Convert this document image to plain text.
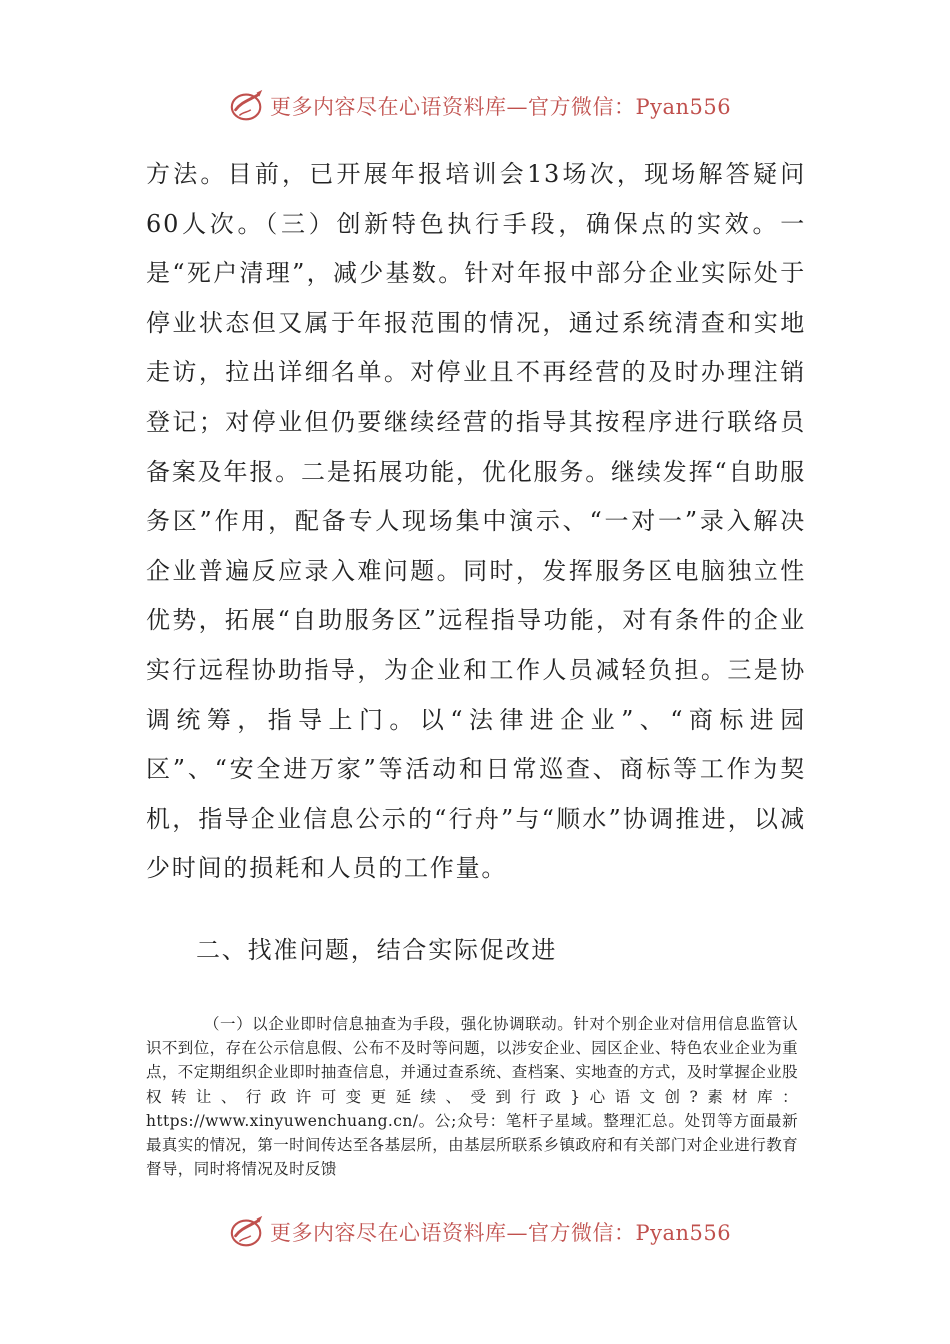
更多内容尽在心语资料库—官方微信：Pyan556

方法。目前，已开展年报培训会13场次，现场解答疑问60人次。（三）创新特色执行手段，确保点的实效。一是“死户清理”，减少基数。针对年报中部分企业实际处于停业状态但又属于年报范围的情况，通过系统清查和实地走访，拉出详细名单。对停业且不再经营的及时办理注销登记；对停业但仍要继续经营的指导其按程序进行联络员备案及年报。二是拓展功能，优化服务。继续发挥“自助服务区”作用，配备专人现场集中演示、“一对一”录入解决企业普遍反应录入难问题。同时，发挥服务区电脑独立性优势，拓展“自助服务区”远程指导功能，对有条件的企业实行远程协助指导，为企业和工作人员减轻负担。三是协调统筹，指导上门。以“法律进企业”、“商标进园区”、“安全进万家”等活动和日常巡查、商标等工作为契机，指导企业信息公示的“行舟”与“顺水”协调推进，以减少时间的损耗和人员的工作量。

二、找准问题，结合实际促改进

（一）以企业即时信息抽查为手段，强化协调联动。针对个别企业对信用信息监管认识不到位，存在公示信息假、公布不及时等问题，以涉安企业、园区企业、特色农业企业为重点，不定期组织企业即时抽查信息，并通过查系统、查档案、实地查的方式，及时掌握企业股权转让、行政许可变更延续、受到行政}心语文创?素材库：https://www.xinyuwenchuang.cn/。公;众号：笔杆子星域。整理汇总。处罚等方面最新最真实的情况，第一时间传达至各基层所，由基层所联系乡镇政府和有关部门对企业进行教育督导，同时将情况及时反馈

更多内容尽在心语资料库—官方微信：Pyan556
